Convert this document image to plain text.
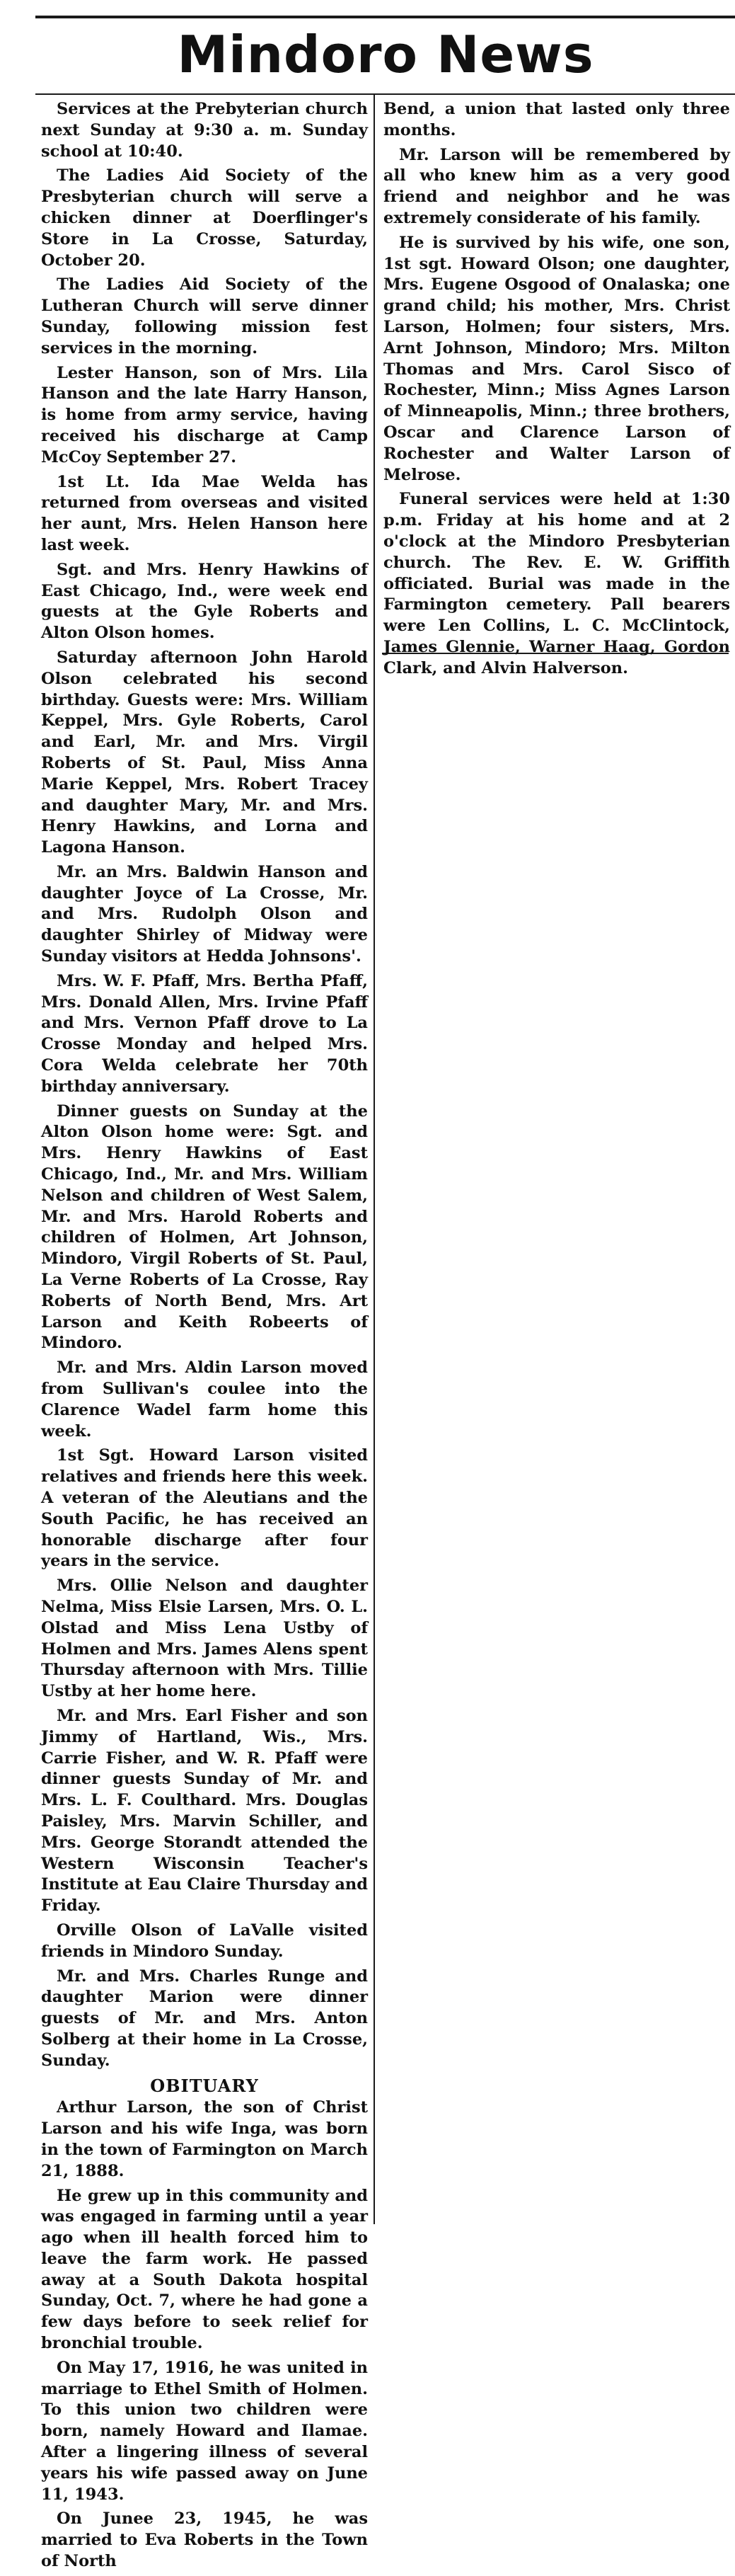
Mindoro News

Services at the Prebyterian church next Sunday at 9:30 a. m. Sunday school at 10:40.

The Ladies Aid Society of the Presbyterian church will serve a chicken dinner at Doerflinger's Store in La Crosse, Saturday, October 20.

The Ladies Aid Society of the Lutheran Church will serve dinner Sunday, following mission fest services in the morning.

Lester Hanson, son of Mrs. Lila Hanson and the late Harry Hanson, is home from army service, having received his discharge at Camp McCoy September 27.

1st Lt. Ida Mae Welda has returned from overseas and visited her aunt, Mrs. Helen Hanson here last week.

Sgt. and Mrs. Henry Hawkins of East Chicago, Ind., were week end guests at the Gyle Roberts and Alton Olson homes.

Saturday afternoon John Harold Olson celebrated his second birthday. Guests were: Mrs. William Keppel, Mrs. Gyle Roberts, Carol and Earl, Mr. and Mrs. Virgil Roberts of St. Paul, Miss Anna Marie Keppel, Mrs. Robert Tracey and daughter Mary, Mr. and Mrs. Henry Hawkins, and Lorna and Lagona Hanson.

Mr. an Mrs. Baldwin Hanson and daughter Joyce of La Crosse, Mr. and Mrs. Rudolph Olson and daughter Shirley of Midway were Sunday visitors at Hedda Johnsons'.

Mrs. W. F. Pfaff, Mrs. Bertha Pfaff, Mrs. Donald Allen, Mrs. Irvine Pfaff and Mrs. Vernon Pfaff drove to La Crosse Monday and helped Mrs. Cora Welda celebrate her 70th birthday anniversary.

Dinner guests on Sunday at the Alton Olson home were: Sgt. and Mrs. Henry Hawkins of East Chicago, Ind., Mr. and Mrs. William Nelson and children of West Salem, Mr. and Mrs. Harold Roberts and children of Holmen, Art Johnson, Mindoro, Virgil Roberts of St. Paul, La Verne Roberts of La Crosse, Ray Roberts of North Bend, Mrs. Art Larson and Keith Robeerts of Mindoro.

Mr. and Mrs. Aldin Larson moved from Sullivan's coulee into the Clarence Wadel farm home this week.

1st Sgt. Howard Larson visited relatives and friends here this week. A veteran of the Aleutians and the South Pacific, he has received an honorable discharge after four years in the service.

Mrs. Ollie Nelson and daughter Nelma, Miss Elsie Larsen, Mrs. O. L. Olstad and Miss Lena Ustby of Holmen and Mrs. James Alens spent Thursday afternoon with Mrs. Tillie Ustby at her home here.

Mr. and Mrs. Earl Fisher and son Jimmy of Hartland, Wis., Mrs. Carrie Fisher, and W. R. Pfaff were dinner guests Sunday of Mr. and Mrs. L. F. Coulthard. Mrs. Douglas Paisley, Mrs. Marvin Schiller, and Mrs. George Storandt attended the Western Wisconsin Teacher's Institute at Eau Claire Thursday and Friday.

Orville Olson of LaValle visited friends in Mindoro Sunday.

Mr. and Mrs. Charles Runge and daughter Marion were dinner guests of Mr. and Mrs. Anton Solberg at their home in La Crosse, Sunday.

OBITUARY

Arthur Larson, the son of Christ Larson and his wife Inga, was born in the town of Farmington on March 21, 1888.

He grew up in this community and was engaged in farming until a year ago when ill health forced him to leave the farm work. He passed away at a South Dakota hospital Sunday, Oct. 7, where he had gone a few days before to seek relief for bronchial trouble.

On May 17, 1916, he was united in marriage to Ethel Smith of Holmen. To this union two children were born, namely Howard and Ilamae. After a lingering illness of several years his wife passed away on June 11, 1943.

On Junee 23, 1945, he was married to Eva Roberts in the Town of North

Bend, a union that lasted only three months.

Mr. Larson will be remembered by all who knew him as a very good friend and neighbor and he was extremely considerate of his family.

He is survived by his wife, one son, 1st sgt. Howard Olson; one daughter, Mrs. Eugene Osgood of Onalaska; one grand child; his mother, Mrs. Christ Larson, Holmen; four sisters, Mrs. Arnt Johnson, Mindoro; Mrs. Milton Thomas and Mrs. Carol Sisco of Rochester, Minn.; Miss Agnes Larson of Minneapolis, Minn.; three brothers, Oscar and Clarence Larson of Rochester and Walter Larson of Melrose.

Funeral services were held at 1:30 p.m. Friday at his home and at 2 o'clock at the Mindoro Presbyterian church. The Rev. E. W. Griffith officiated. Burial was made in the Farmington cemetery. Pall bearers were Len Collins, L. C. McClintock, James Glennie, Warner Haag, Gordon Clark, and Alvin Halverson.
